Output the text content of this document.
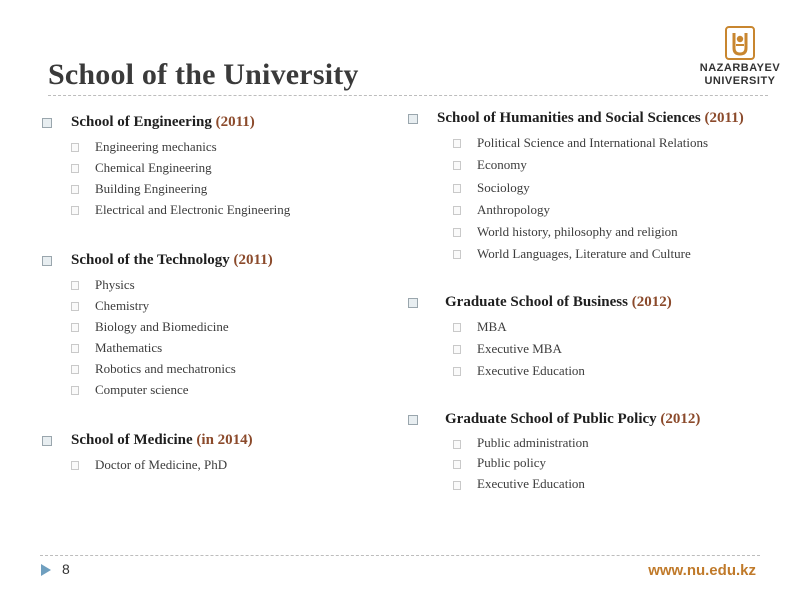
School of the University	NAZARBAYEV
UNIVERSITY
School of Engineering (2011)
Engineering mechanics
Chemical Engineering
Building Engineering
Electrical and Electronic Engineering
School of the Technology (2011)
Physics
Chemistry
Biology and Biomedicine
Mathematics
Robotics and mechatronics
Computer science
School of Medicine (in 2014)
Doctor of Medicine, PhD
School of Humanities and Social Sciences (2011)
Political Science and International Relations
Economy
Sociology
Anthropology
World history, philosophy and religion
World Languages, Literature and Culture
Graduate School of Business (2012)
MBA
Executive MBA
Executive Education
Graduate School of Public Policy (2012)
Public administration
Public policy
Executive Education
8	www.nu.edu.kz
